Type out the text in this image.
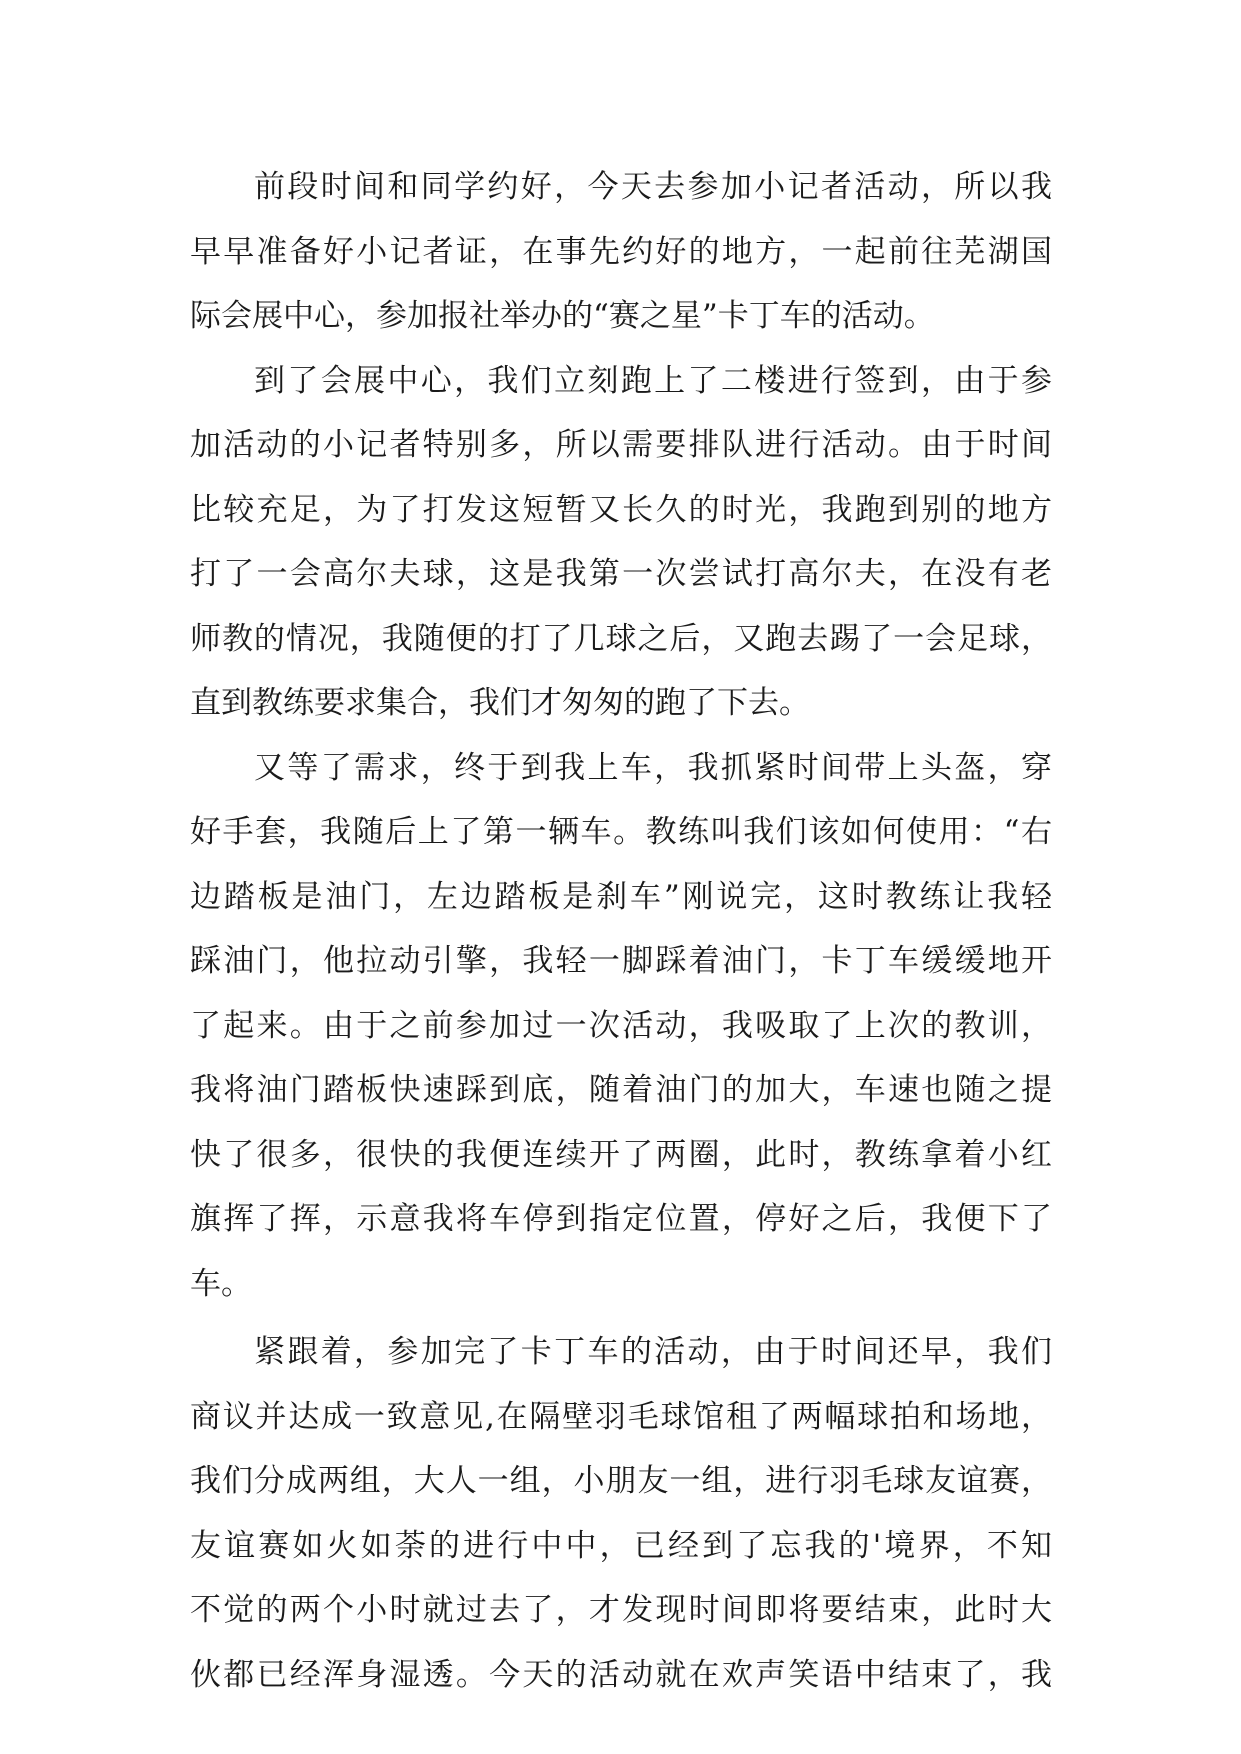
前段时间和同学约好，今天去参加小记者活动，所以我
早早准备好小记者证，在事先约好的地方，一起前往芜湖国
际会展中心，参加报社举办的“赛之星”卡丁车的活动。
到了会展中心，我们立刻跑上了二楼进行签到，由于参
加活动的小记者特别多，所以需要排队进行活动。由于时间
比较充足，为了打发这短暂又长久的时光，我跑到别的地方
打了一会高尔夫球，这是我第一次尝试打高尔夫，在没有老
师教的情况，我随便的打了几球之后，又跑去踢了一会足球，
直到教练要求集合，我们才匆匆的跑了下去。
又等了需求，终于到我上车，我抓紧时间带上头盔，穿
好手套，我随后上了第一辆车。教练叫我们该如何使用：“右
边踏板是油门，左边踏板是刹车”刚说完，这时教练让我轻
踩油门，他拉动引擎，我轻一脚踩着油门，卡丁车缓缓地开
了起来。由于之前参加过一次活动，我吸取了上次的教训，
我将油门踏板快速踩到底，随着油门的加大，车速也随之提
快了很多，很快的我便连续开了两圈，此时，教练拿着小红
旗挥了挥，示意我将车停到指定位置，停好之后，我便下了
车。
紧跟着，参加完了卡丁车的活动，由于时间还早，我们
商议并达成一致意见,在隔壁羽毛球馆租了两幅球拍和场地，
我们分成两组，大人一组，小朋友一组，进行羽毛球友谊赛，
友谊赛如火如荼的进行中中，已经到了忘我的'境界，不知
不觉的两个小时就过去了，才发现时间即将要结束，此时大
伙都已经浑身湿透。今天的活动就在欢声笑语中结束了，我
